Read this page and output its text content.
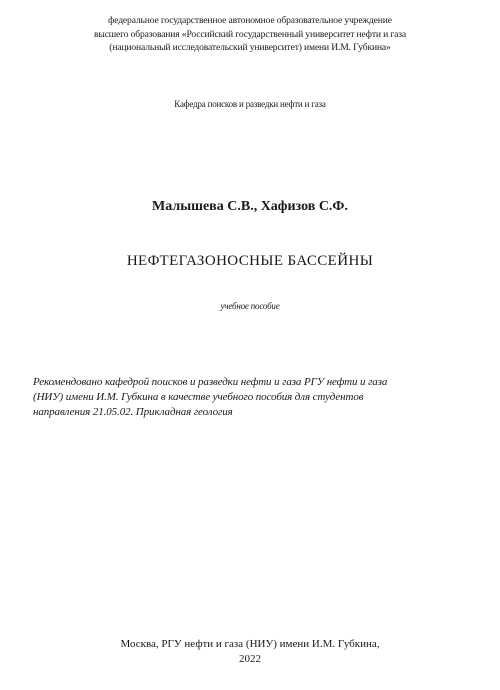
федеральное государственное автономное образовательное учреждение
высшего образования «Российский государственный университет нефти и газа
(национальный исследовательский университет) имени И.М. Губкина»
Кафедра поисков и разведки нефти и газа
Малышева С.В., Хафизов С.Ф.
НЕФТЕГАЗОНОСНЫЕ БАССЕЙНЫ
учебное пособие
Рекомендовано кафедрой поисков и разведки нефти и газа РГУ нефти и газа
(НИУ) имени И.М. Губкина в качестве учебного пособия для студентов
направления 21.05.02. Прикладная геология
Москва, РГУ нефти и газа (НИУ) имени И.М. Губкина,
2022
